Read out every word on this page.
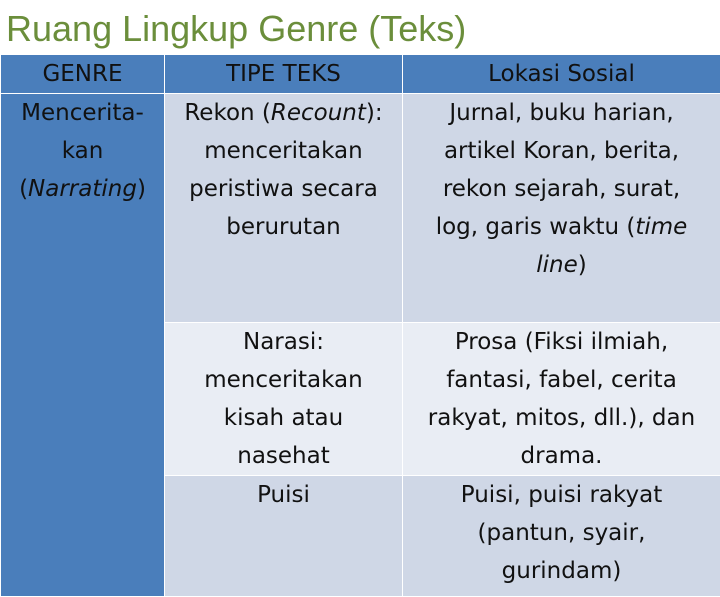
Ruang Lingkup Genre (Teks)
GENRE	TIPE TEKS	Lokasi Sosial

Mencerita-
kan
(Narrating)	Rekon (Recount):
menceritakan
peristiwa secara
berurutan	Jurnal, buku harian,
artikel Koran, berita,
rekon sejarah, surat,
log, garis waktu (time
line)

	Narasi:
menceritakan
kisah atau
nasehat	Prosa (Fiksi ilmiah,
fantasi, fabel, cerita
rakyat, mitos, dll.), dan
drama.

	Puisi	Puisi, puisi rakyat
(pantun, syair,
gurindam)
